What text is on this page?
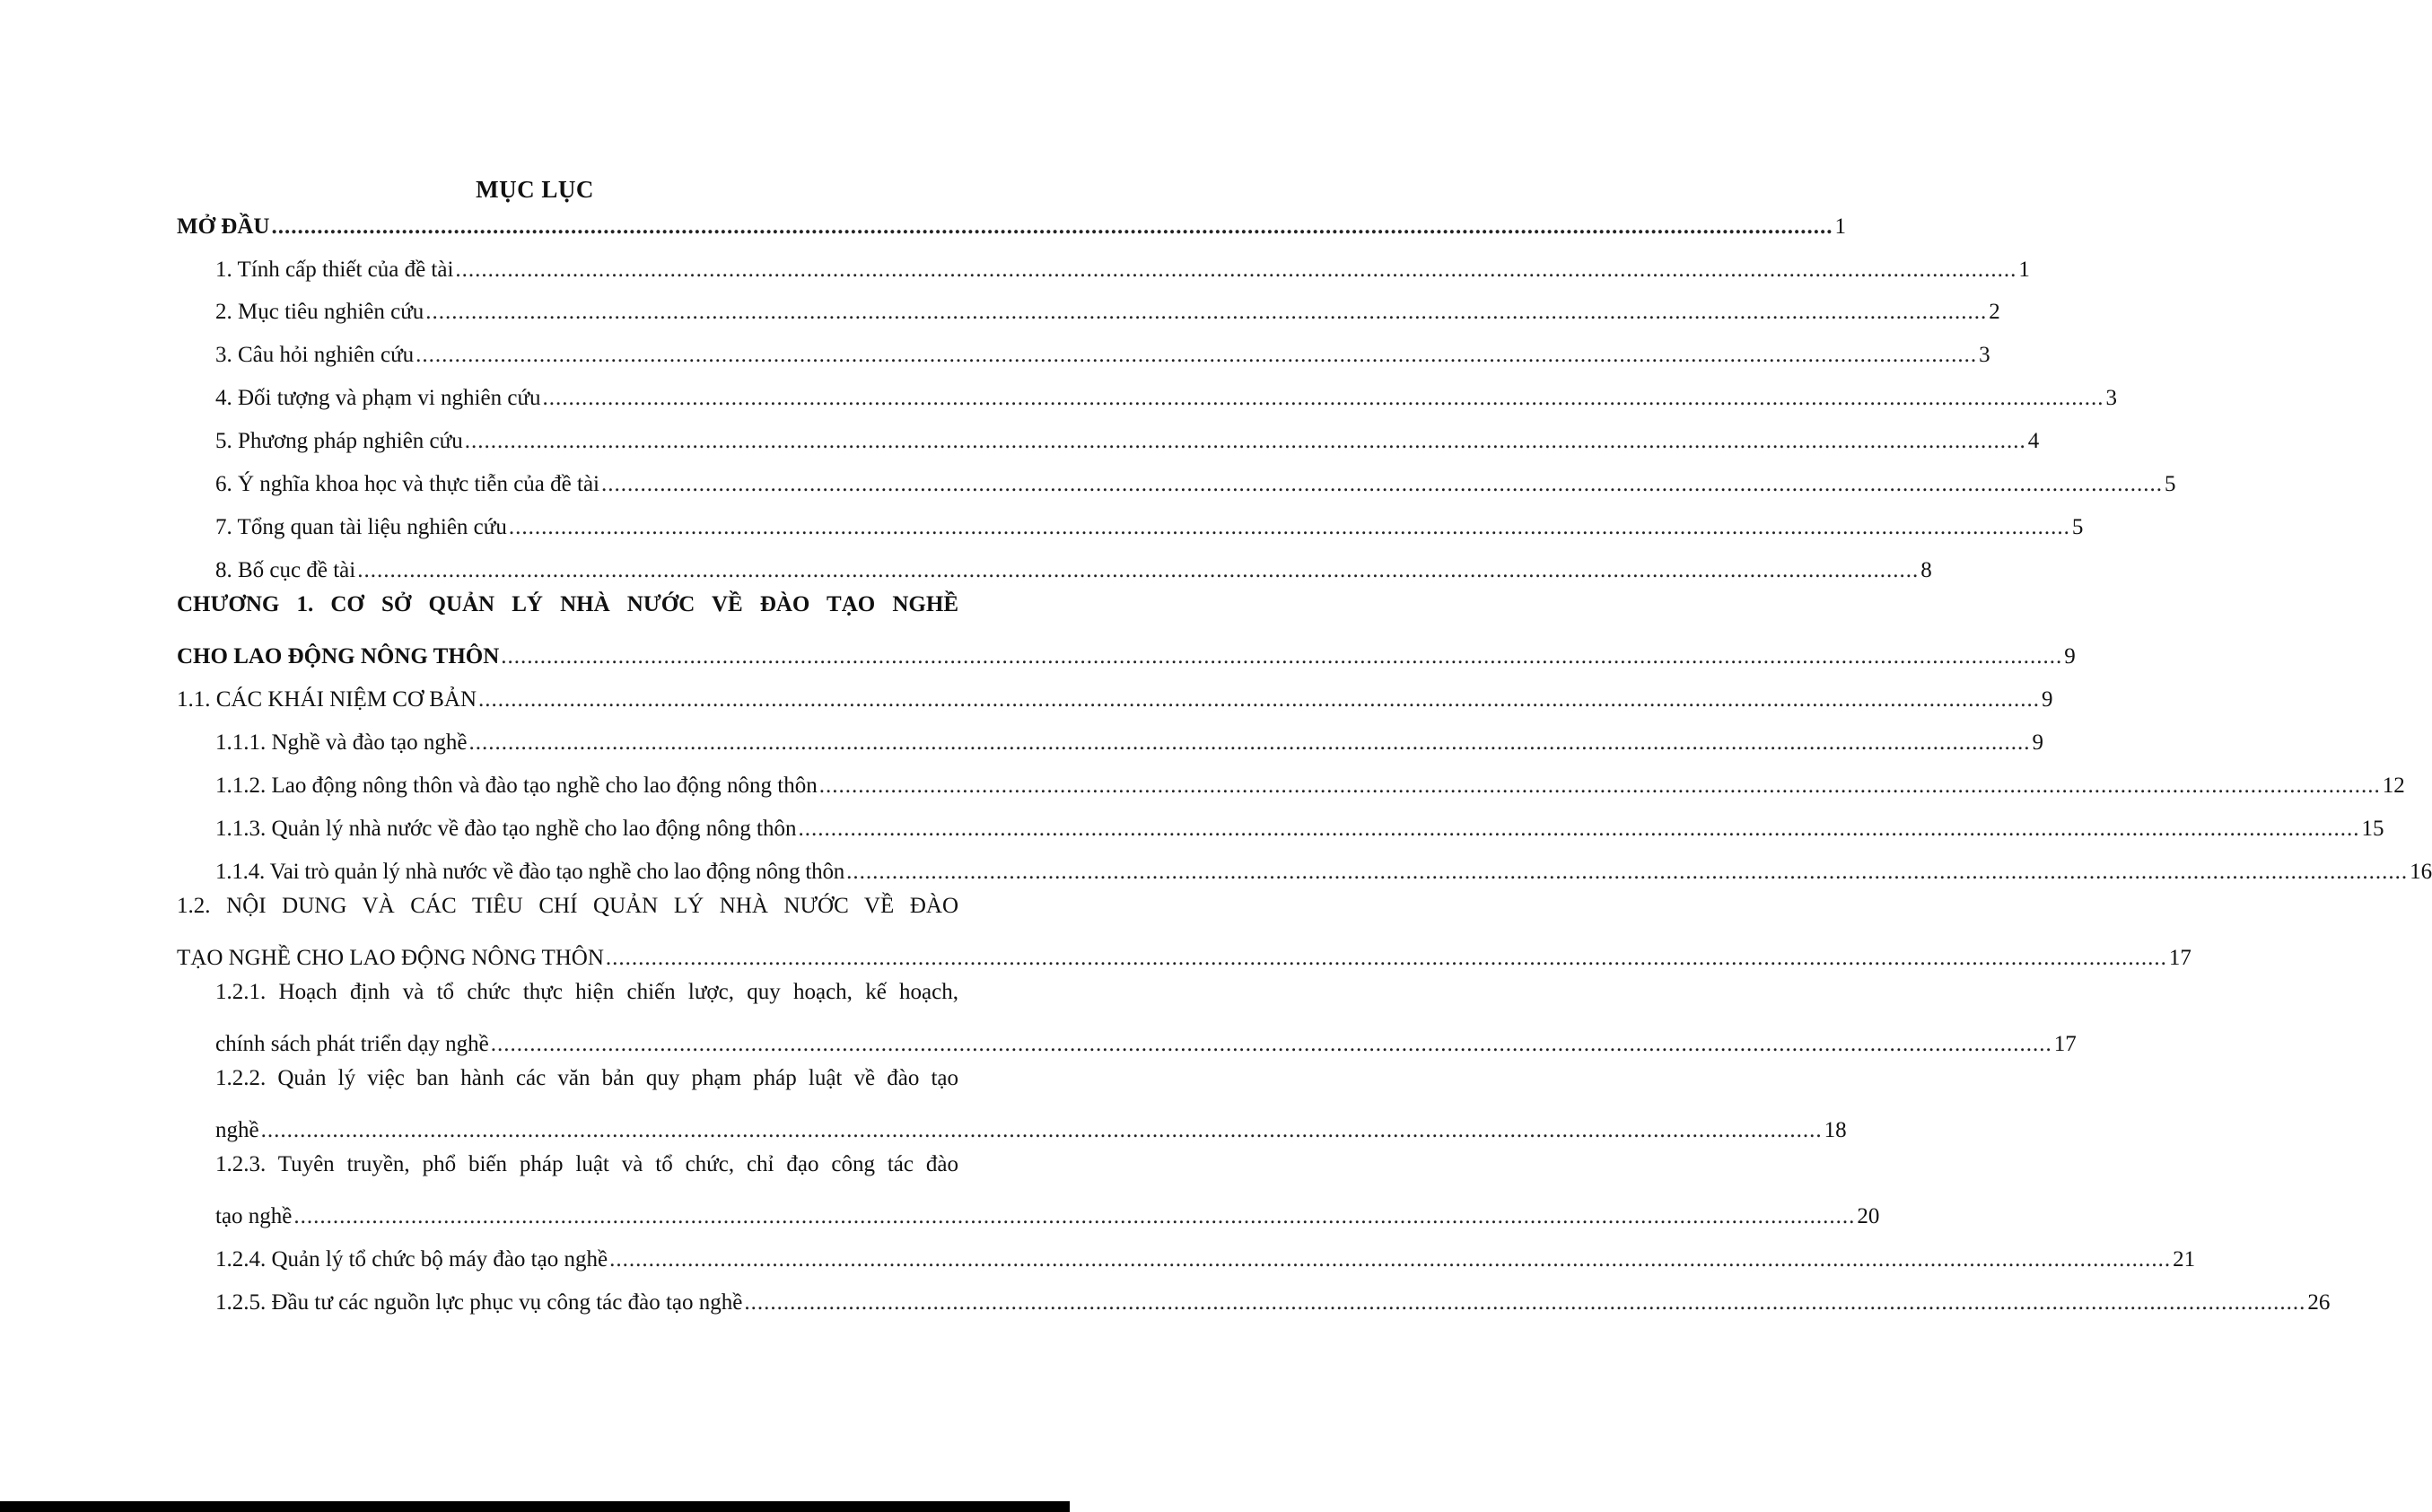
MỤC LỤC
MỞ ĐẦU ................................................................................................................................................................................................................................................ 1
1. Tính cấp thiết của đề tài ................................................................................................................................................................................................................................................ 1
2. Mục tiêu nghiên cứu ................................................................................................................................................................................................................................................ 2
3. Câu hỏi nghiên cứu ................................................................................................................................................................................................................................................ 3
4. Đối tượng và phạm vi nghiên cứu ................................................................................................................................................................................................................................................ 3
5. Phương pháp nghiên cứu ................................................................................................................................................................................................................................................ 4
6. Ý nghĩa khoa học và thực tiễn của đề tài ................................................................................................................................................................................................................................................ 5
7. Tổng quan tài liệu nghiên cứu ................................................................................................................................................................................................................................................ 5
8. Bố cục đề tài ................................................................................................................................................................................................................................................ 8
CHƯƠNG 1. CƠ SỞ QUẢN LÝ NHÀ NƯỚC VỀ ĐÀO TẠO NGHỀ
CHO LAO ĐỘNG NÔNG THÔN ................................................................................................................................................................................................................................................ 9
1.1. CÁC KHÁI NIỆM CƠ BẢN ................................................................................................................................................................................................................................................ 9
1.1.1. Nghề và đào tạo nghề ................................................................................................................................................................................................................................................ 9
1.1.2. Lao động nông thôn và đào tạo nghề cho lao động nông thôn ................................................................................................................................................................................................................................................ 12
1.1.3. Quản lý nhà nước về đào tạo nghề cho lao động nông thôn ................................................................................................................................................................................................................................................ 15
1.1.4. Vai trò quản lý nhà nước về đào tạo nghề cho lao động nông thôn ................................................................................................................................................................................................................................................ 16
1.2. NỘI DUNG VÀ CÁC TIÊU CHÍ QUẢN LÝ NHÀ NƯỚC VỀ ĐÀO
TẠO NGHỀ CHO LAO ĐỘNG NÔNG THÔN ................................................................................................................................................................................................................................................ 17
1.2.1. Hoạch định và tổ chức thực hiện chiến lược, quy hoạch, kế hoạch,
chính sách phát triển dạy nghề ................................................................................................................................................................................................................................................ 17
1.2.2. Quản lý việc ban hành các văn bản quy phạm pháp luật về đào tạo
nghề ................................................................................................................................................................................................................................................ 18
1.2.3. Tuyên truyền, phổ biến pháp luật và tổ chức, chỉ đạo công tác đào
tạo nghề ................................................................................................................................................................................................................................................ 20
1.2.4. Quản lý tổ chức bộ máy đào tạo nghề ................................................................................................................................................................................................................................................ 21
1.2.5. Đầu tư các nguồn lực phục vụ công tác đào tạo nghề ................................................................................................................................................................................................................................................ 26
